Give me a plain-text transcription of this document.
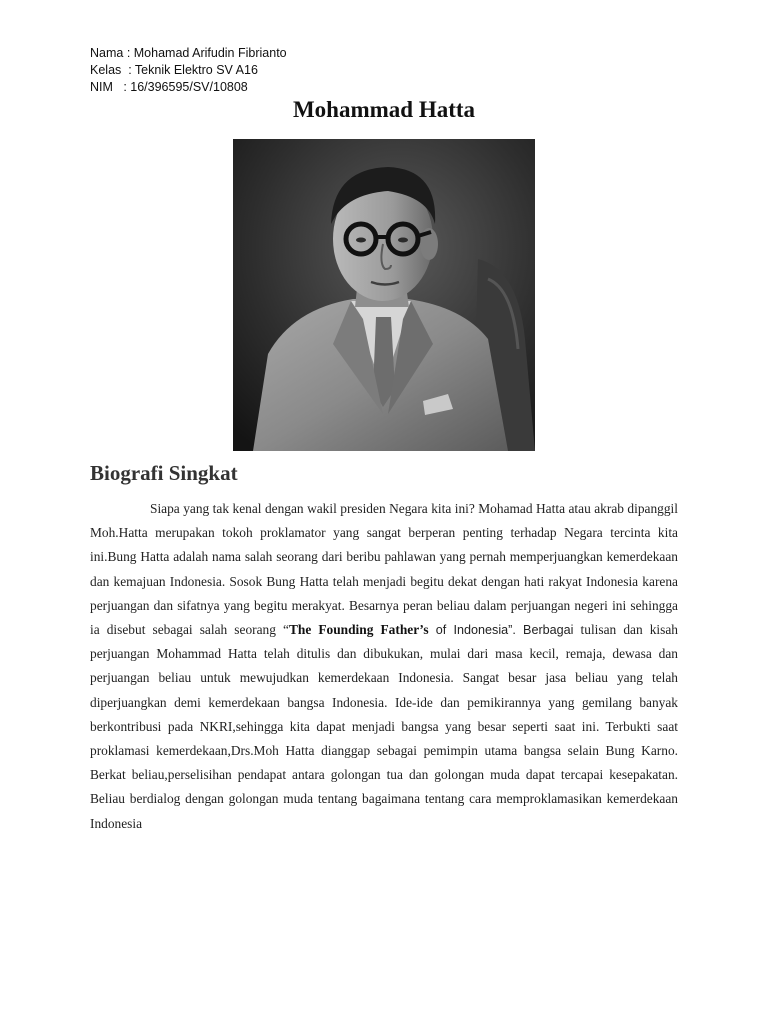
Nama : Mohamad Arifudin Fibrianto
Kelas  : Teknik Elektro SV A16
NIM   : 16/396595/SV/10808
Mohammad Hatta
Biografi Singkat

Siapa yang tak kenal dengan wakil presiden Negara kita ini? Mohamad Hatta atau akrab dipanggil Moh.Hatta merupakan tokoh proklamator yang sangat berperan penting terhadap Negara tercinta kita ini.Bung Hatta adalah nama salah seorang dari beribu pahlawan yang pernah memperjuangkan kemerdekaan dan kemajuan Indonesia. Sosok Bung Hatta telah menjadi begitu dekat dengan hati rakyat Indonesia karena perjuangan dan sifatnya yang begitu merakyat. Besarnya peran beliau dalam perjuangan negeri ini sehingga ia disebut sebagai salah seorang “The Founding Father’s of Indonesia”. Berbagai tulisan dan kisah perjuangan Mohammad Hatta telah ditulis dan dibukukan, mulai dari masa kecil, remaja, dewasa dan perjuangan beliau untuk mewujudkan kemerdekaan Indonesia. Sangat besar jasa beliau yang telah diperjuangkan demi kemerdekaan bangsa Indonesia. Ide-ide dan pemikirannya yang gemilang banyak berkontribusi pada NKRI,sehingga kita dapat menjadi bangsa yang besar seperti saat ini. Terbukti saat proklamasi kemerdekaan,Drs.Moh Hatta dianggap sebagai pemimpin utama bangsa selain Bung Karno. Berkat beliau,perselisihan pendapat antara golongan tua dan golongan muda dapat tercapai kesepakatan. Beliau berdialog dengan golongan muda tentang bagaimana tentang cara memproklamasikan kemerdekaan Indonesia
